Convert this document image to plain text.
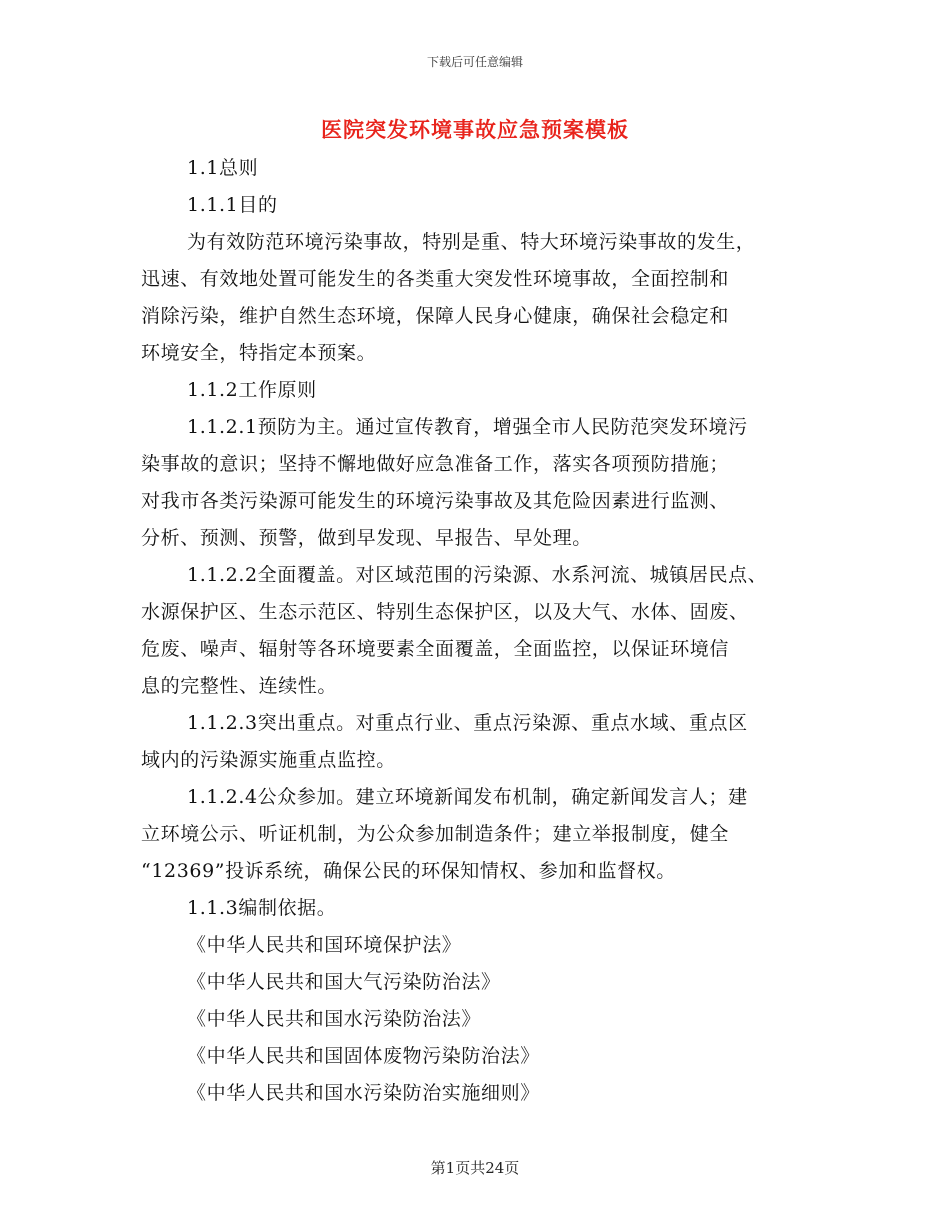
下载后可任意编辑
医院突发环境事故应急预案模板
1.1总则
1.1.1目的
为有效防范环境污染事故，特别是重、特大环境污染事故的发生，
迅速、有效地处置可能发生的各类重大突发性环境事故，全面控制和
消除污染，维护自然生态环境，保障人民身心健康，确保社会稳定和
环境安全，特指定本预案。
1.1.2工作原则
1.1.2.1预防为主。通过宣传教育，增强全市人民防范突发环境污
染事故的意识；坚持不懈地做好应急准备工作，落实各项预防措施；
对我市各类污染源可能发生的环境污染事故及其危险因素进行监测、
分析、预测、预警，做到早发现、早报告、早处理。
1.1.2.2全面覆盖。对区域范围的污染源、水系河流、城镇居民点、
水源保护区、生态示范区、特别生态保护区，以及大气、水体、固废、
危废、噪声、辐射等各环境要素全面覆盖，全面监控，以保证环境信
息的完整性、连续性。
1.1.2.3突出重点。对重点行业、重点污染源、重点水域、重点区
域内的污染源实施重点监控。
1.1.2.4公众参加。建立环境新闻发布机制，确定新闻发言人；建
立环境公示、听证机制，为公众参加制造条件；建立举报制度，健全
“12369”投诉系统，确保公民的环保知情权、参加和监督权。
1.1.3编制依据。
《中华人民共和国环境保护法》
《中华人民共和国大气污染防治法》
《中华人民共和国水污染防治法》
《中华人民共和国固体废物污染防治法》
《中华人民共和国水污染防治实施细则》
第1页共24页
